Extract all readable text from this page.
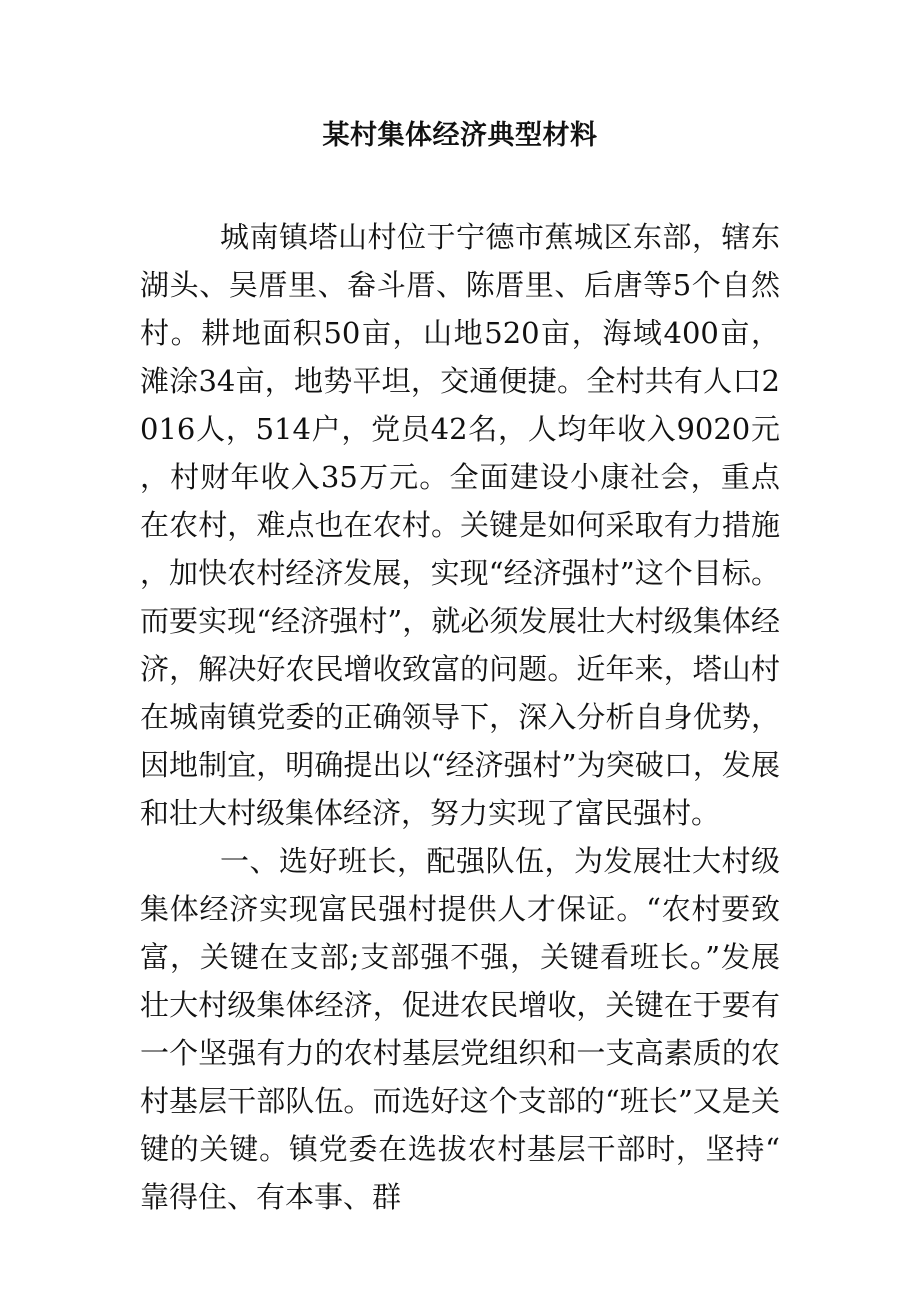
某村集体经济典型材料

城南镇塔山村位于宁德市蕉城区东部，辖东湖头、吴厝里、畚斗厝、陈厝里、后唐等5个自然村。耕地面积50亩，山地520亩，海域400亩，滩涂34亩，地势平坦，交通便捷。全村共有人口2016人，514户，党员42名，人均年收入9020元，村财年收入35万元。全面建设小康社会，重点在农村，难点也在农村。关键是如何采取有力措施，加快农村经济发展，实现“经济强村”这个目标。而要实现“经济强村”，就必须发展壮大村级集体经济，解决好农民增收致富的问题。近年来，塔山村在城南镇党委的正确领导下，深入分析自身优势，因地制宜，明确提出以“经济强村”为突破口，发展和壮大村级集体经济，努力实现了富民强村。

一、选好班长，配强队伍，为发展壮大村级集体经济实现富民强村提供人才保证。“农村要致富，关键在支部;支部强不强，关键看班长。”发展壮大村级集体经济，促进农民增收，关键在于要有一个坚强有力的农村基层党组织和一支高素质的农村基层干部队伍。而选好这个支部的“班长”又是关键的关键。镇党委在选拔农村基层干部时，坚持“靠得住、有本事、群
